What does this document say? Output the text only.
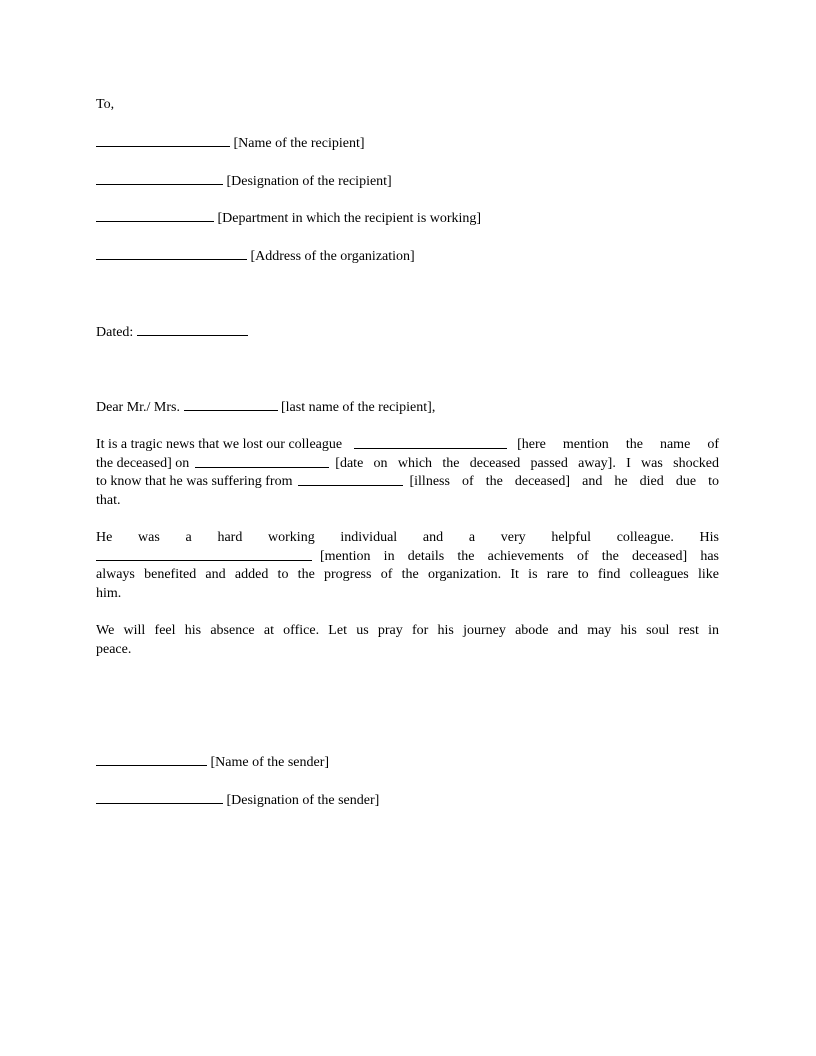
To,
[Name of the recipient]
[Designation of the recipient]
[Department in which the recipient is working]
[Address of the organization]
Dated:
Dear Mr./ Mrs.	[last name of the recipient],
It is a tragic news that we lost our colleague	[here mention the name of
the deceased] on	[date on which the deceased passed away]. I was shocked
to know that he was suffering from	[illness of the deceased] and he died due to
that.
He was a hard working individual and a very helpful colleague. His
[mention in details the achievements of the deceased] has
always benefited and added to the progress of the organization. It is rare to find colleagues like
him.
We will feel his absence at office. Let us pray for his journey abode and may his soul rest in
peace.
[Name of the sender]
[Designation of the sender]
